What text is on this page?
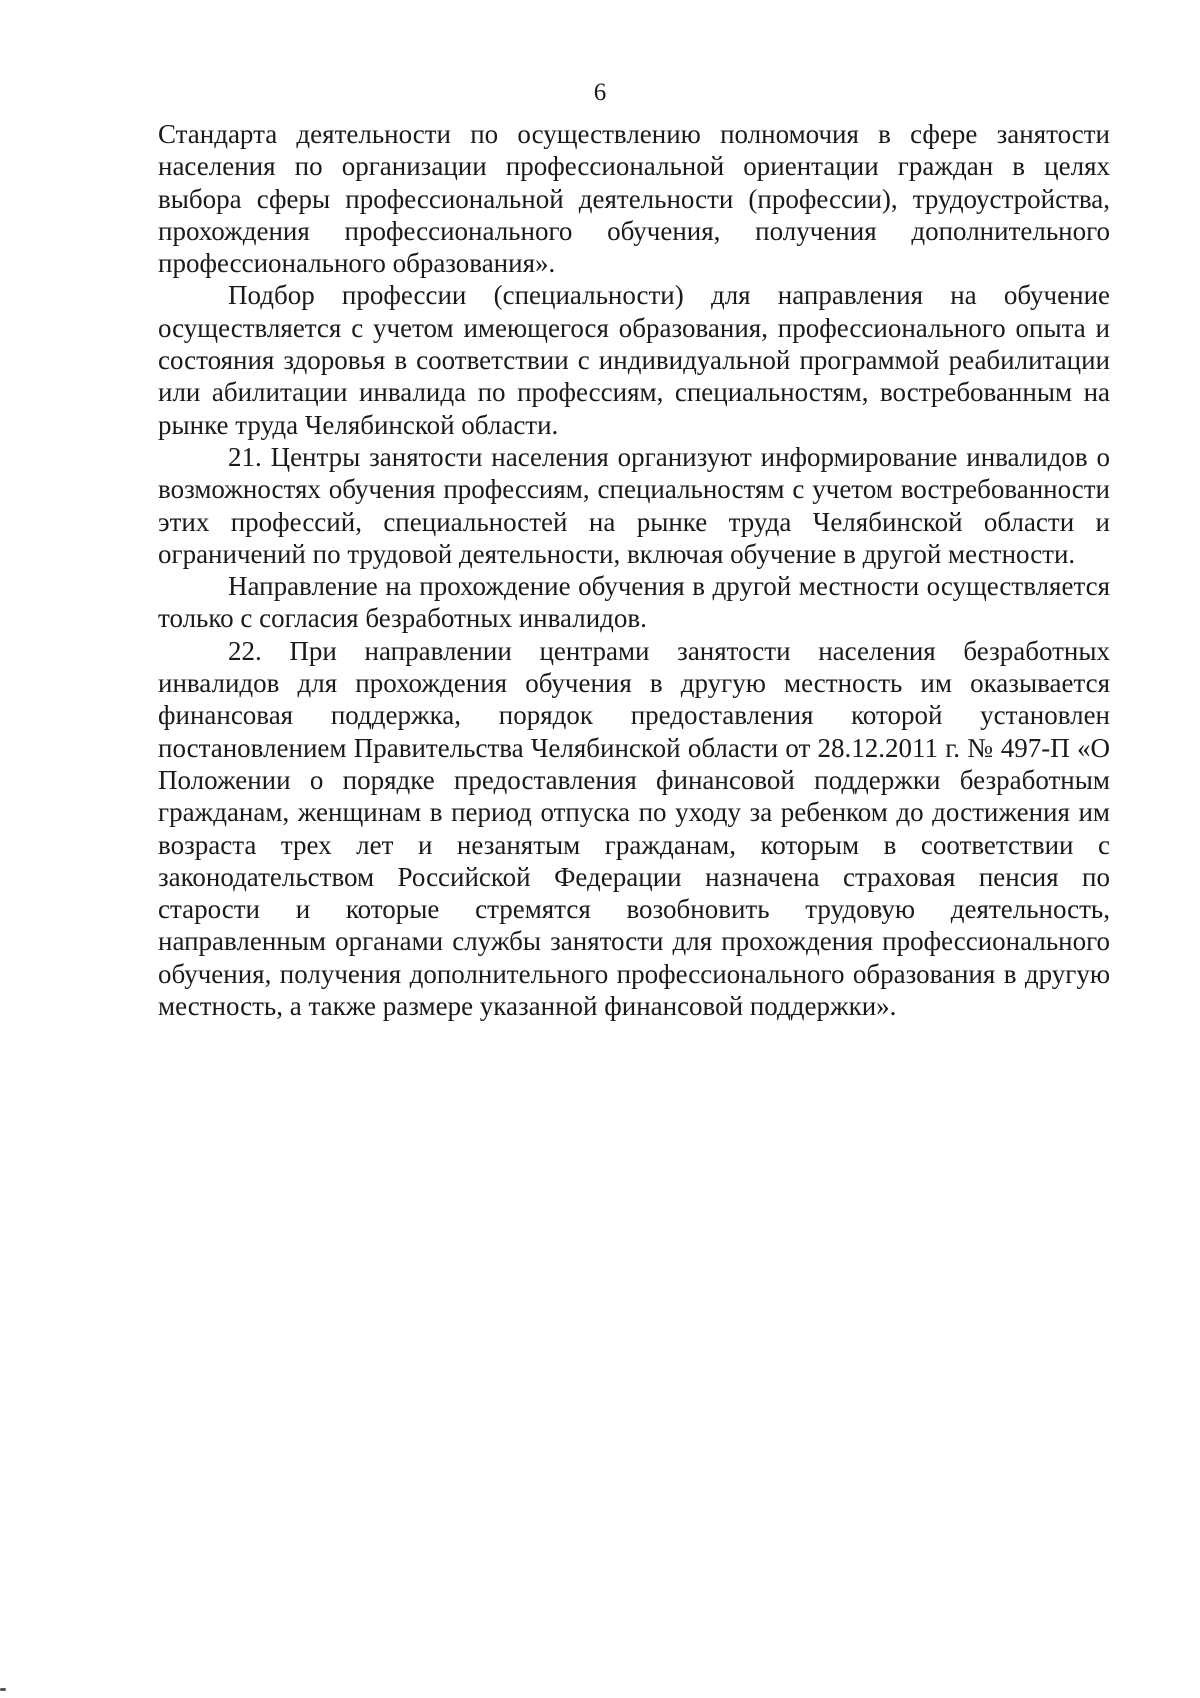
6

Стандарта деятельности по осуществлению полномочия в сфере занятости населения по организации профессиональной ориентации граждан в целях выбора сферы профессиональной деятельности (профессии), трудоустройства, прохождения профессионального обучения, получения дополнительного профессионального образования».

Подбор профессии (специальности) для направления на обучение осуществляется с учетом имеющегося образования, профессионального опыта и состояния здоровья в соответствии с индивидуальной программой реабилитации или абилитации инвалида по профессиям, специальностям, востребованным на рынке труда Челябинской области.

21. Центры занятости населения организуют информирование инвалидов о возможностях обучения профессиям, специальностям с учетом востребованности этих профессий, специальностей на рынке труда Челябинской области и ограничений по трудовой деятельности, включая обучение в другой местности.

Направление на прохождение обучения в другой местности осуществляется только с согласия безработных инвалидов.

22. При направлении центрами занятости населения безработных инвалидов для прохождения обучения в другую местность им оказывается финансовая поддержка, порядок предоставления которой установлен постановлением Правительства Челябинской области от 28.12.2011 г. № 497-П «О Положении о порядке предоставления финансовой поддержки безработным гражданам, женщинам в период отпуска по уходу за ребенком до достижения им возраста трех лет и незанятым гражданам, которым в соответствии с законодательством Российской Федерации назначена страховая пенсия по старости и которые стремятся возобновить трудовую деятельность, направленным органами службы занятости для прохождения профессионального обучения, получения дополнительного профессионального образования в другую местность, а также размере указанной финансовой поддержки».
